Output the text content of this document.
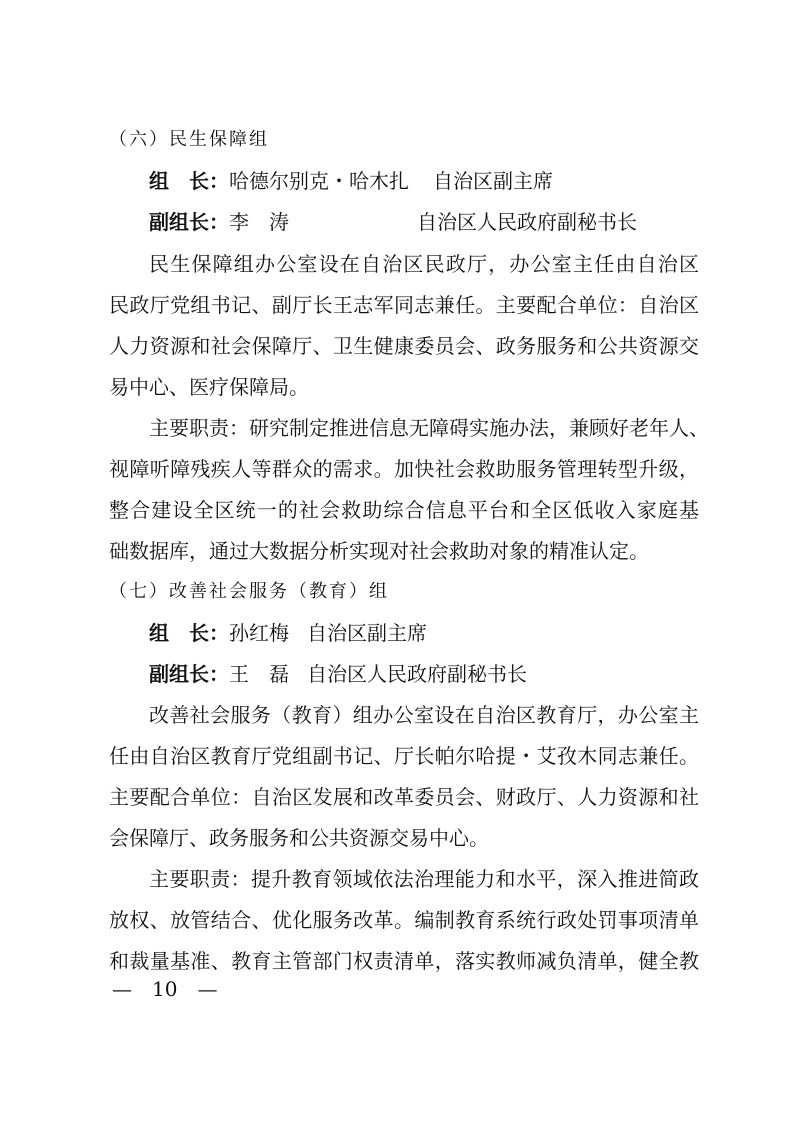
（六）民生保障组
组　长：哈德尔别克・哈木扎 自治区副主席
副组长：李　涛	自治区人民政府副秘书长
民生保障组办公室设在自治区民政厅，办公室主任由自治区
民政厅党组书记、副厅长王志军同志兼任。主要配合单位：自治区
人力资源和社会保障厅、卫生健康委员会、政务服务和公共资源交
易中心、医疗保障局。
主要职责：研究制定推进信息无障碍实施办法，兼顾好老年人、
视障听障残疾人等群众的需求。加快社会救助服务管理转型升级，
整合建设全区统一的社会救助综合信息平台和全区低收入家庭基
础数据库，通过大数据分析实现对社会救助对象的精准认定。
（七）改善社会服务（教育）组
组　长：孙红梅 自治区副主席
副组长：王　磊 自治区人民政府副秘书长
改善社会服务（教育）组办公室设在自治区教育厅，办公室主
任由自治区教育厅党组副书记、厅长帕尔哈提・艾孜木同志兼任。
主要配合单位：自治区发展和改革委员会、财政厅、人力资源和社
会保障厅、政务服务和公共资源交易中心。
主要职责：提升教育领域依法治理能力和水平，深入推进简政
放权、放管结合、优化服务改革。编制教育系统行政处罚事项清单
和裁量基准、教育主管部门权责清单，落实教师减负清单，健全教
— 10 —
